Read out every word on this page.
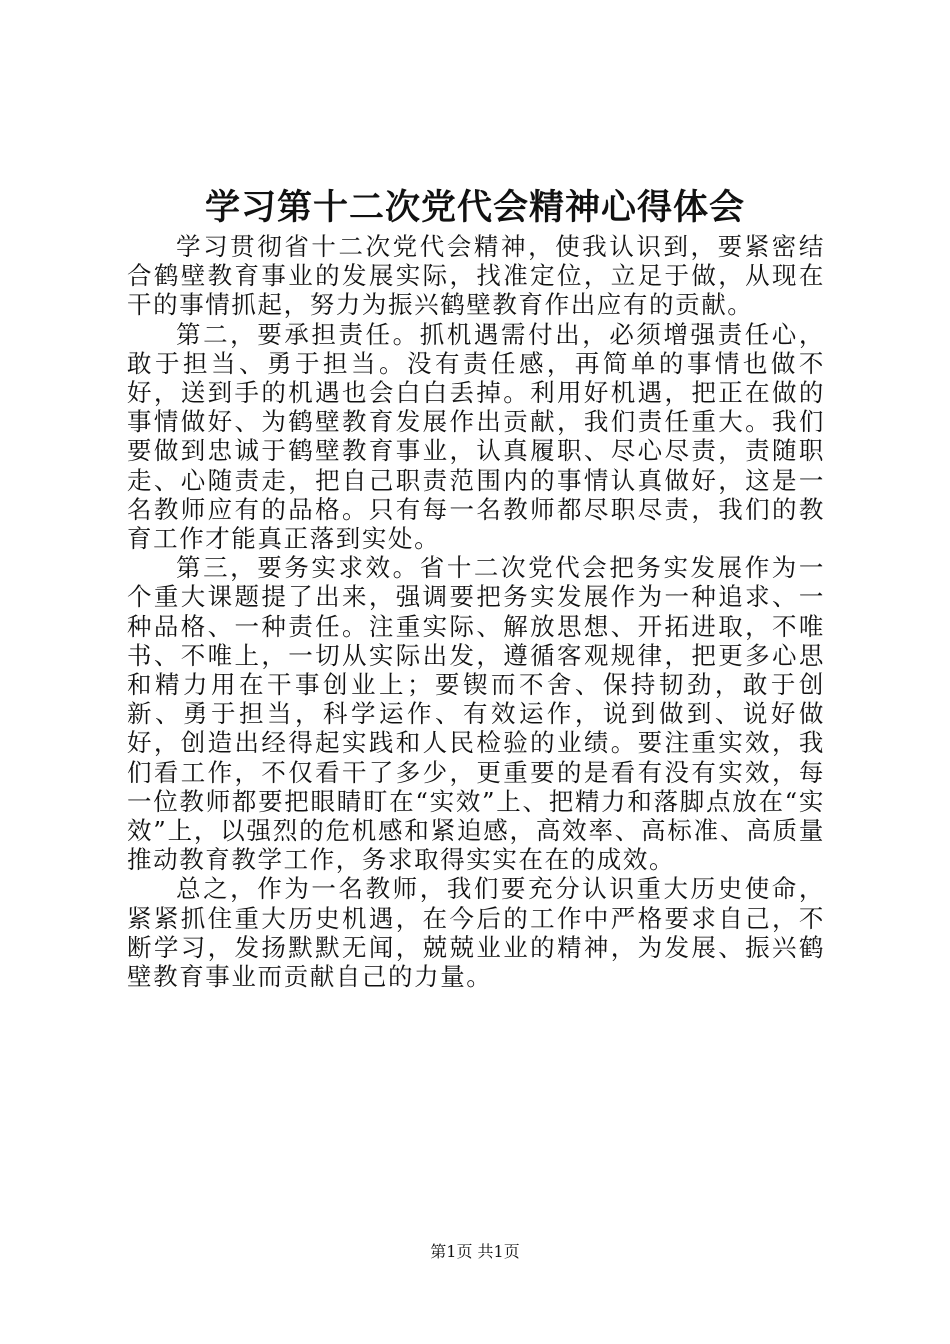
学习第十二次党代会精神心得体会

学习贯彻省十二次党代会精神，使我认识到，要紧密结合鹤壁教育事业的发展实际，找准定位，立足于做，从现在干的事情抓起，努力为振兴鹤壁教育作出应有的贡献。

第二，要承担责任。抓机遇需付出，必须增强责任心，敢于担当、勇于担当。没有责任感，再简单的事情也做不好，送到手的机遇也会白白丢掉。利用好机遇，把正在做的事情做好、为鹤壁教育发展作出贡献，我们责任重大。我们要做到忠诚于鹤壁教育事业，认真履职、尽心尽责，责随职走、心随责走，把自己职责范围内的事情认真做好，这是一名教师应有的品格。只有每一名教师都尽职尽责，我们的教育工作才能真正落到实处。

第三，要务实求效。省十二次党代会把务实发展作为一个重大课题提了出来，强调要把务实发展作为一种追求、一种品格、一种责任。注重实际、解放思想、开拓进取，不唯书、不唯上，一切从实际出发，遵循客观规律，把更多心思和精力用在干事创业上；要锲而不舍、保持韧劲，敢于创新、勇于担当，科学运作、有效运作，说到做到、说好做好，创造出经得起实践和人民检验的业绩。要注重实效，我们看工作，不仅看干了多少，更重要的是看有没有实效，每一位教师都要把眼睛盯在“实效”上、把精力和落脚点放在“实效”上，以强烈的危机感和紧迫感，高效率、高标准、高质量推动教育教学工作，务求取得实实在在的成效。

总之，作为一名教师，我们要充分认识重大历史使命，紧紧抓住重大历史机遇，在今后的工作中严格要求自己，不断学习，发扬默默无闻，兢兢业业的精神，为发展、振兴鹤壁教育事业而贡献自己的力量。

第1页 共1页
